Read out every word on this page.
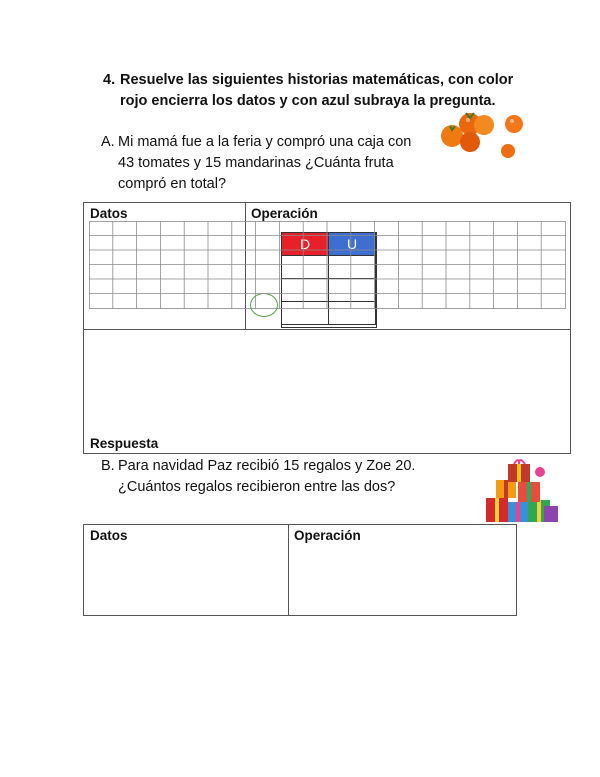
4. Resuelve las siguientes historias matemáticas, con color rojo encierra los datos y con azul subraya la pregunta.
A. Mi mamá fue a la feria y compró una caja con 43 tomates y 15 mandarinas ¿Cuánta fruta compró en total?
Datos	Operación
D	U
Respuesta
B. Para navidad Paz recibió 15 regalos y Zoe 20. ¿Cuántos regalos recibieron entre las dos?
Datos	Operación
